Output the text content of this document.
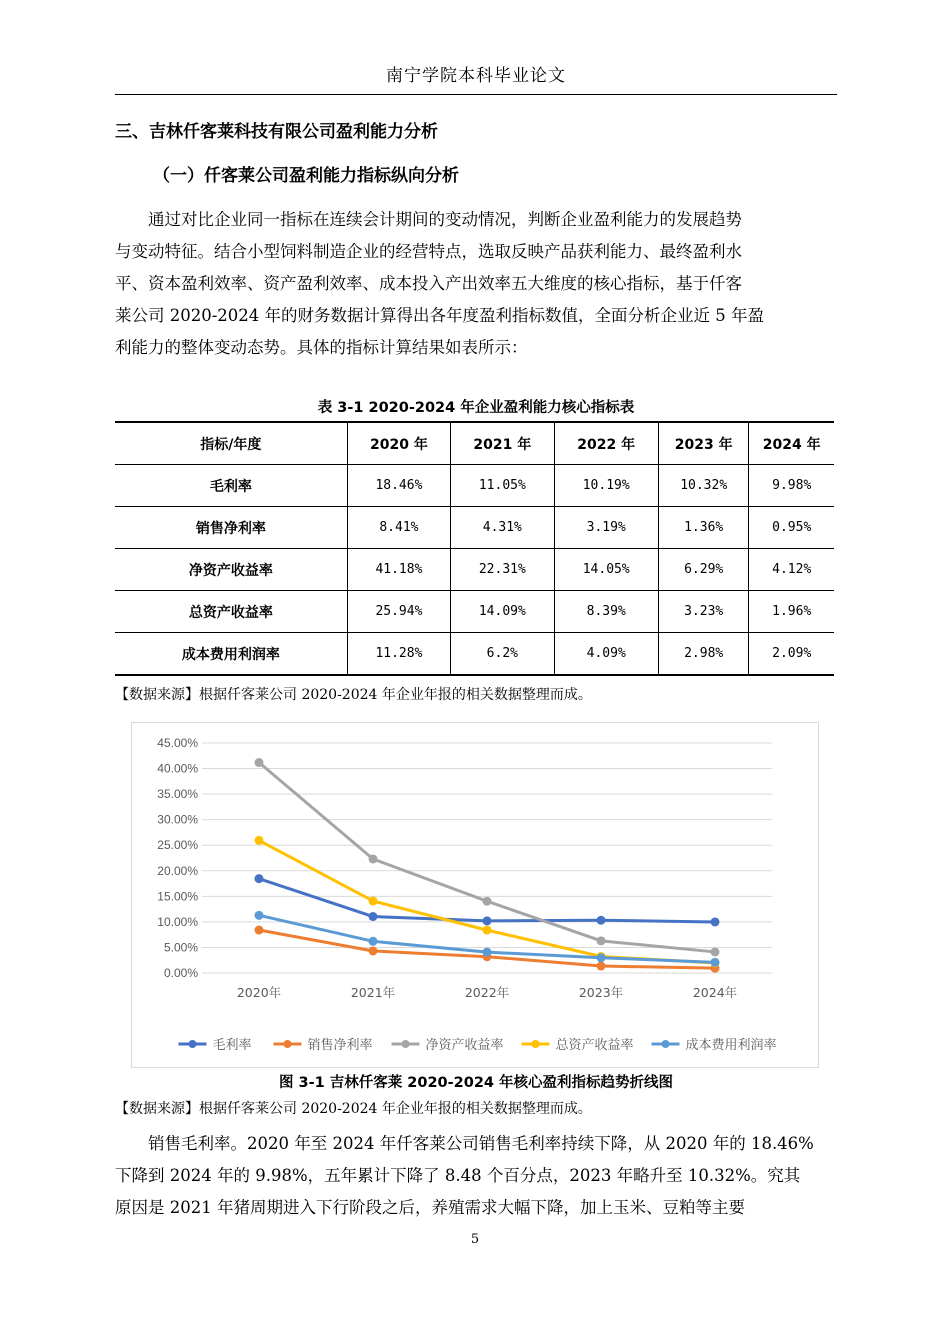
南宁学院本科毕业论文
三、吉林仟客莱科技有限公司盈利能力分析
（一）仟客莱公司盈利能力指标纵向分析

通过对比企业同一指标在连续会计期间的变动情况，判断企业盈利能力的发展趋势
与变动特征。结合小型饲料制造企业的经营特点，选取反映产品获利能力、最终盈利水
平、资本盈利效率、资产盈利效率、成本投入产出效率五大维度的核心指标，基于仟客
莱公司 2020-2024 年的财务数据计算得出各年度盈利指标数值，全面分析企业近 5 年盈
利能力的整体变动态势。具体的指标计算结果如表所示：

表 3-1 2020-2024 年企业盈利能力核心指标表
指标/年度	2020 年	2021 年	2022 年	2023 年	2024 年
毛利率	18.46%	11.05%	10.19%	10.32%	9.98%
销售净利率	8.41%	4.31%	3.19%	1.36%	0.95%
净资产收益率	41.18%	22.31%	14.05%	6.29%	4.12%
总资产收益率	25.94%	14.09%	8.39%	3.23%	1.96%
成本费用利润率	11.28%	6.2%	4.09%	2.98%	2.09%
【数据来源】根据仟客莱公司 2020-2024 年企业年报的相关数据整理而成。
0.00%
5.00%
10.00%
15.00%
20.00%
25.00%
30.00%
35.00%
40.00%
45.00%
2020年	2021年	2022年	2023年	2024年
毛利率	销售净利率	净资产收益率	总资产收益率	成本费用利润率
图 3-1 吉林仟客莱 2020-2024 年核心盈利指标趋势折线图
【数据来源】根据仟客莱公司 2020-2024 年企业年报的相关数据整理而成。

销售毛利率。2020 年至 2024 年仟客莱公司销售毛利率持续下降，从 2020 年的 18.46%
下降到 2024 年的 9.98%，五年累计下降了 8.48 个百分点，2023 年略升至 10.32%。究其
原因是 2021 年猪周期进入下行阶段之后，养殖需求大幅下降，加上玉米、豆粕等主要

5
